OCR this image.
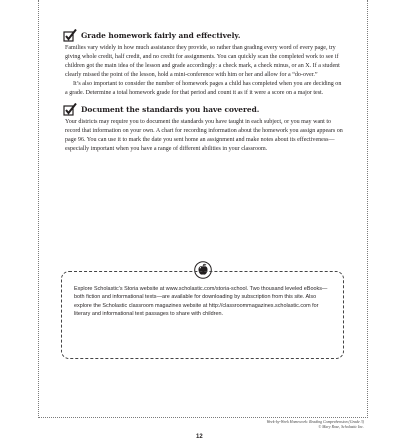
Grade homework fairly and effectively.

Families vary widely in how much assistance they provide, so rather than grading every word of every page, try giving whole credit, half credit, and no credit for assignments. You can quickly scan the completed work to see if children got the main idea of the lesson and grade accordingly: a check mark, a check minus, or an X. If a student clearly missed the point of the lesson, hold a mini-conference with him or her and allow for a “do-over.”

It’s also important to consider the number of homework pages a child has completed when you are deciding on a grade. Determine a total homework grade for that period and count it as if it were a score on a major test.

Document the standards you have covered.

Your districts may require you to document the standards you have taught in each subject, or you may want to record that information on your own. A chart for recording information about the homework you assign appears on page 96. You can use it to mark the date you sent home an assignment and make notes about its effectiveness—especially important when you have a range of different abilities in your classroom.

Explore Scholastic’s Storia website at www.scholastic.com/storia-school. Two thousand leveled eBooks—both fiction and informational texts—are available for downloading by subscription from this site. Also explore the Scholastic classroom magazines website at http://classroommagazines.scholastic.com for literary and informational text passages to share with children.

Week-by-Week Homework: Reading Comprehension (Grade 3)
© Mary Rose, Scholastic Inc.
12
